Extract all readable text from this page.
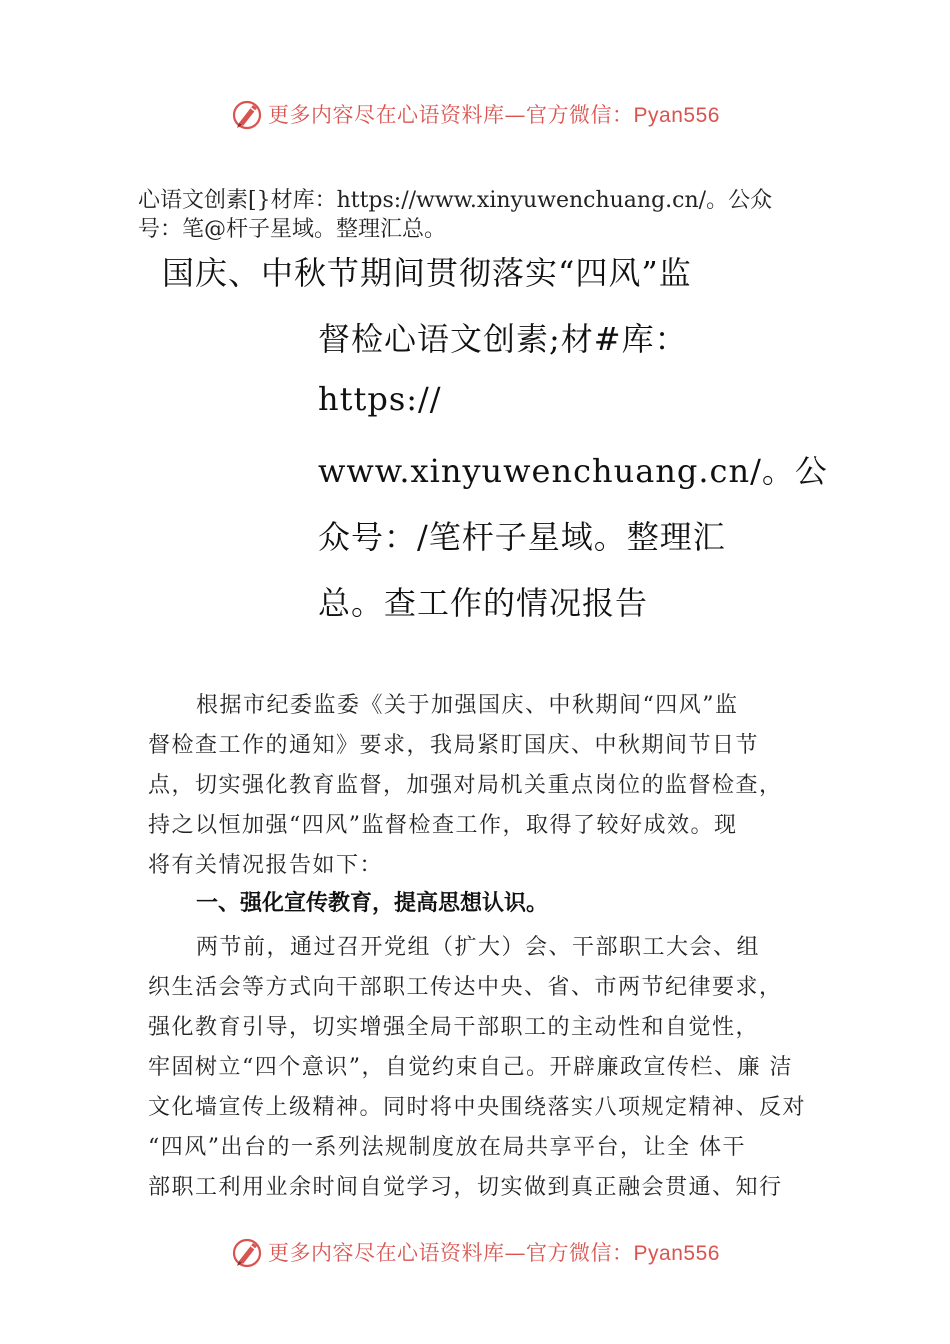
更多内容尽在心语资料库—官方微信：Pyan556

心语文创素[}材库：https://www.xinyuwenchuang.cn/。公众

号：笔@杆子星域。整理汇总。

国庆、中秋节期间贯彻落实“四风”监
督检心语文创素;材#库：
https://
www.xinyuwenchuang.cn/。公
众号：/笔杆子星域。整理汇
总。查工作的情况报告
根据市纪委监委《关于加强国庆、中秋期间“四风”监
督检查工作的通知》要求，我局紧盯国庆、中秋期间节日节
点，切实强化教育监督，加强对局机关重点岗位的监督检查，
持之以恒加强“四风”监督检查工作，取得了较好成效。现
将有关情况报告如下：
一、强化宣传教育，提高思想认识。
两节前，通过召开党组（扩大）会、干部职工大会、组
织生活会等方式向干部职工传达中央、省、市两节纪律要求，
强化教育引导，切实增强全局干部职工的主动性和自觉性，
牢固树立“四个意识”，自觉约束自己。开辟廉政宣传栏、廉 洁
文化墙宣传上级精神。同时将中央围绕落实八项规定精神、反对
“四风”出台的一系列法规制度放在局共享平台，让全 体干
部职工利用业余时间自觉学习，切实做到真正融会贯通、知行
更多内容尽在心语资料库—官方微信：Pyan556
